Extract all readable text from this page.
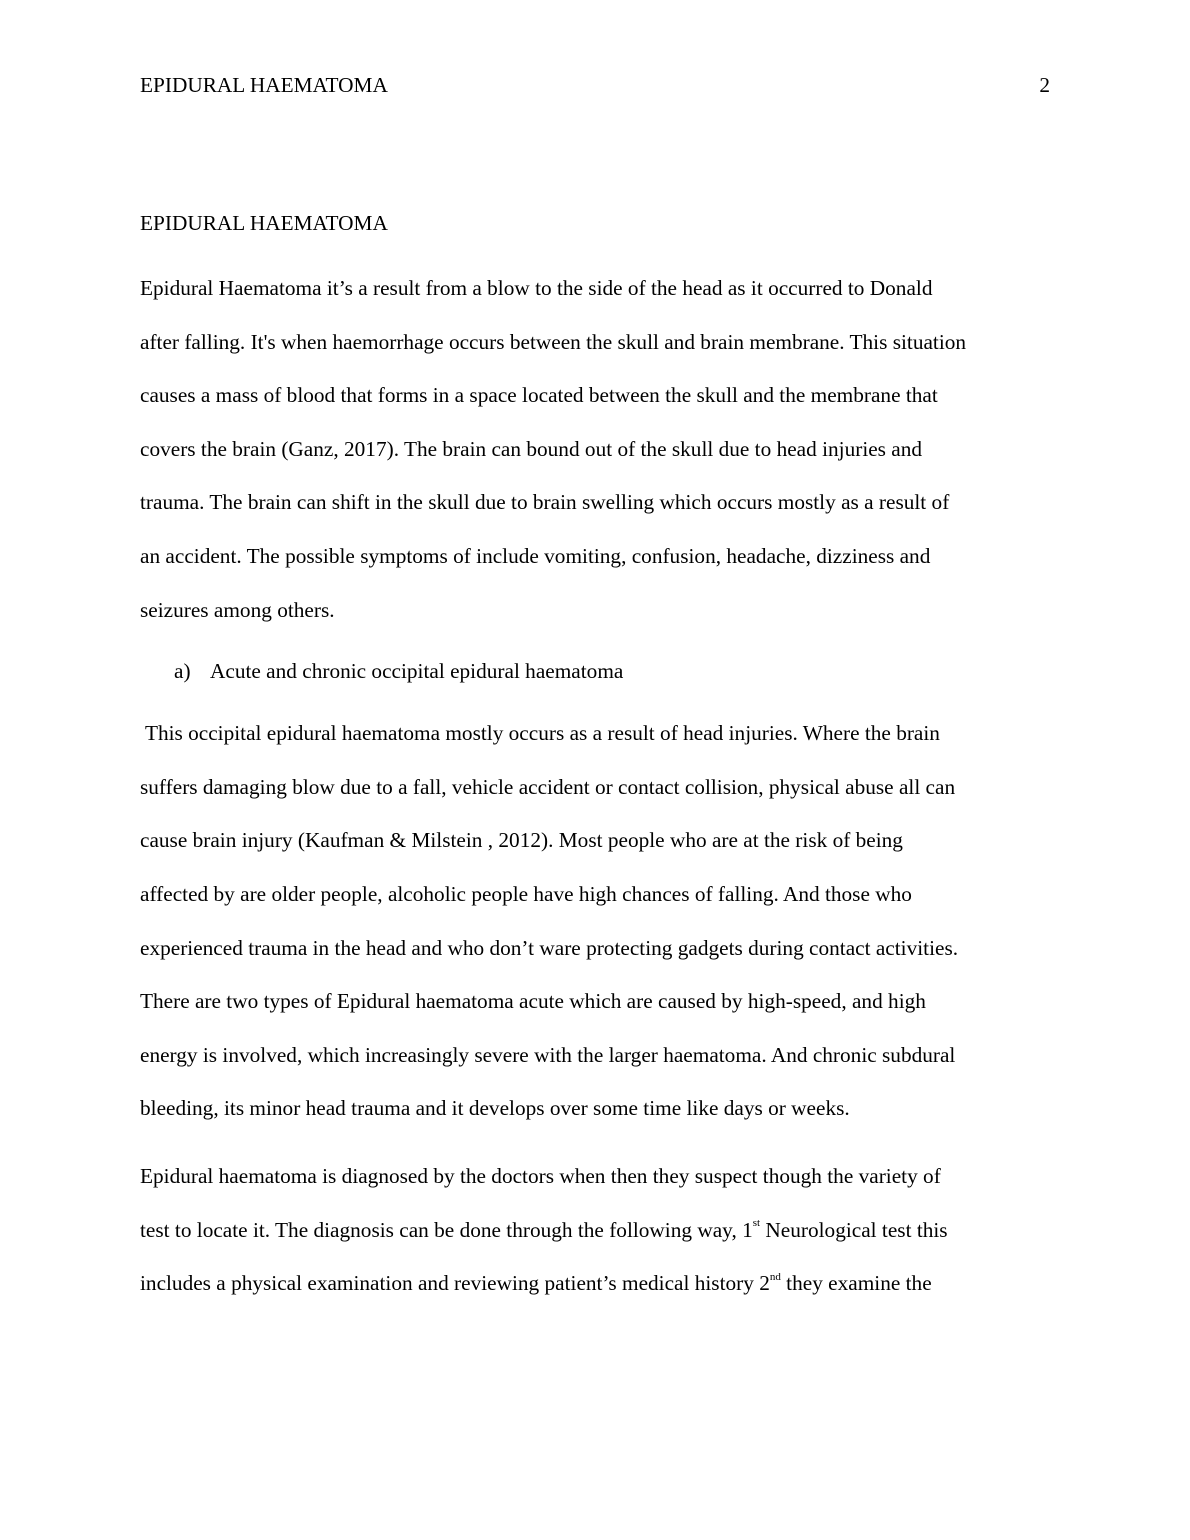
EPIDURAL HAEMATOMA	2
EPIDURAL HAEMATOMA

Epidural Haematoma it’s a result from a blow to the side of the head as it occurred to Donald
after falling. It's when haemorrhage occurs between the skull and brain membrane. This situation
causes a mass of blood that forms in a space located between the skull and the membrane that
covers the brain (Ganz, 2017). The brain can bound out of the skull due to head injuries and
trauma. The brain can shift in the skull due to brain swelling which occurs mostly as a result of
an accident. The possible symptoms of include vomiting, confusion, headache, dizziness and
seizures among others.

a) Acute and chronic occipital epidural haematoma

This occipital epidural haematoma mostly occurs as a result of head injuries. Where the brain
suffers damaging blow due to a fall, vehicle accident or contact collision, physical abuse all can
cause brain injury (Kaufman & Milstein , 2012). Most people who are at the risk of being
affected by are older people, alcoholic people have high chances of falling. And those who
experienced trauma in the head and who don’t ware protecting gadgets during contact activities.
There are two types of Epidural haematoma acute which are caused by high-speed, and high
energy is involved, which increasingly severe with the larger haematoma. And chronic subdural
bleeding, its minor head trauma and it develops over some time like days or weeks.

Epidural haematoma is diagnosed by the doctors when then they suspect though the variety of
test to locate it. The diagnosis can be done through the following way, 1st Neurological test this
includes a physical examination and reviewing patient’s medical history 2nd they examine the
